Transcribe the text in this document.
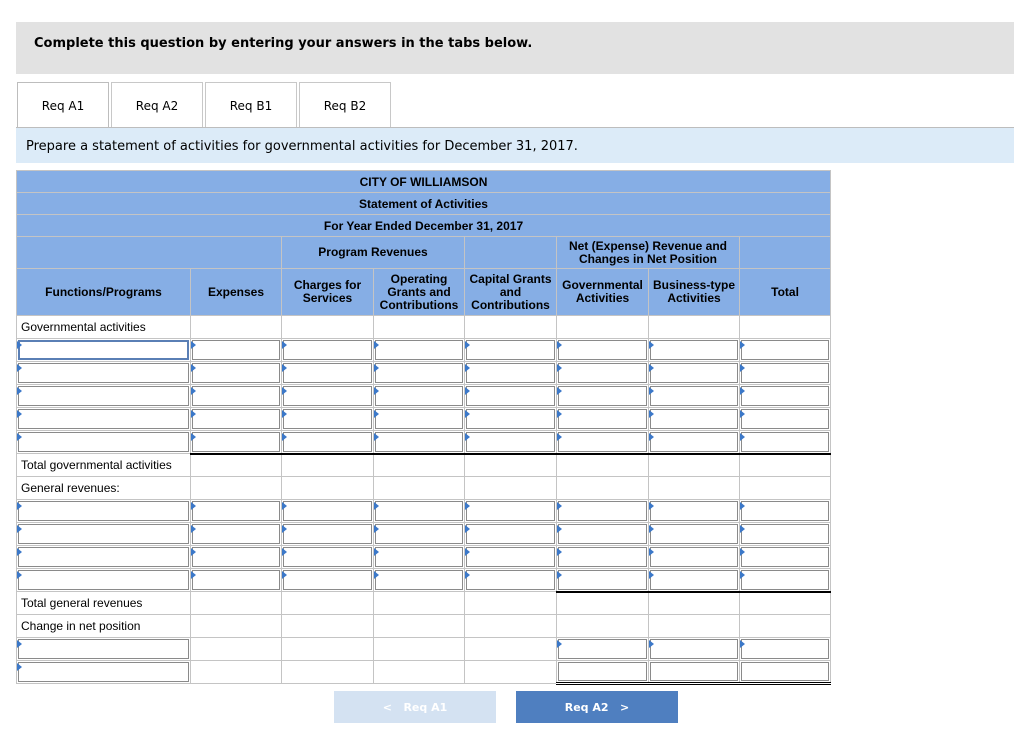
Complete this question by entering your answers in the tabs below.
Req A1	Req A2	Req B1	Req B2
Prepare a statement of activities for governmental activities for December 31, 2017.
CITY OF WILLIAMSON							
Statement of Activities							
For Year Ended December 31, 2017							
		Program Revenues			Net (Expense) Revenue and Changes in Net Position		
Functions/Programs	Expenses	Charges for Services	Operating Grants and Contributions	Capital Grants and Contributions	Governmental Activities	Business-type Activities	Total
Governmental activities							

Total governmental activities							
General revenues:							

Total general revenues							
Change in net position							

< Req A1	Req A2 >
